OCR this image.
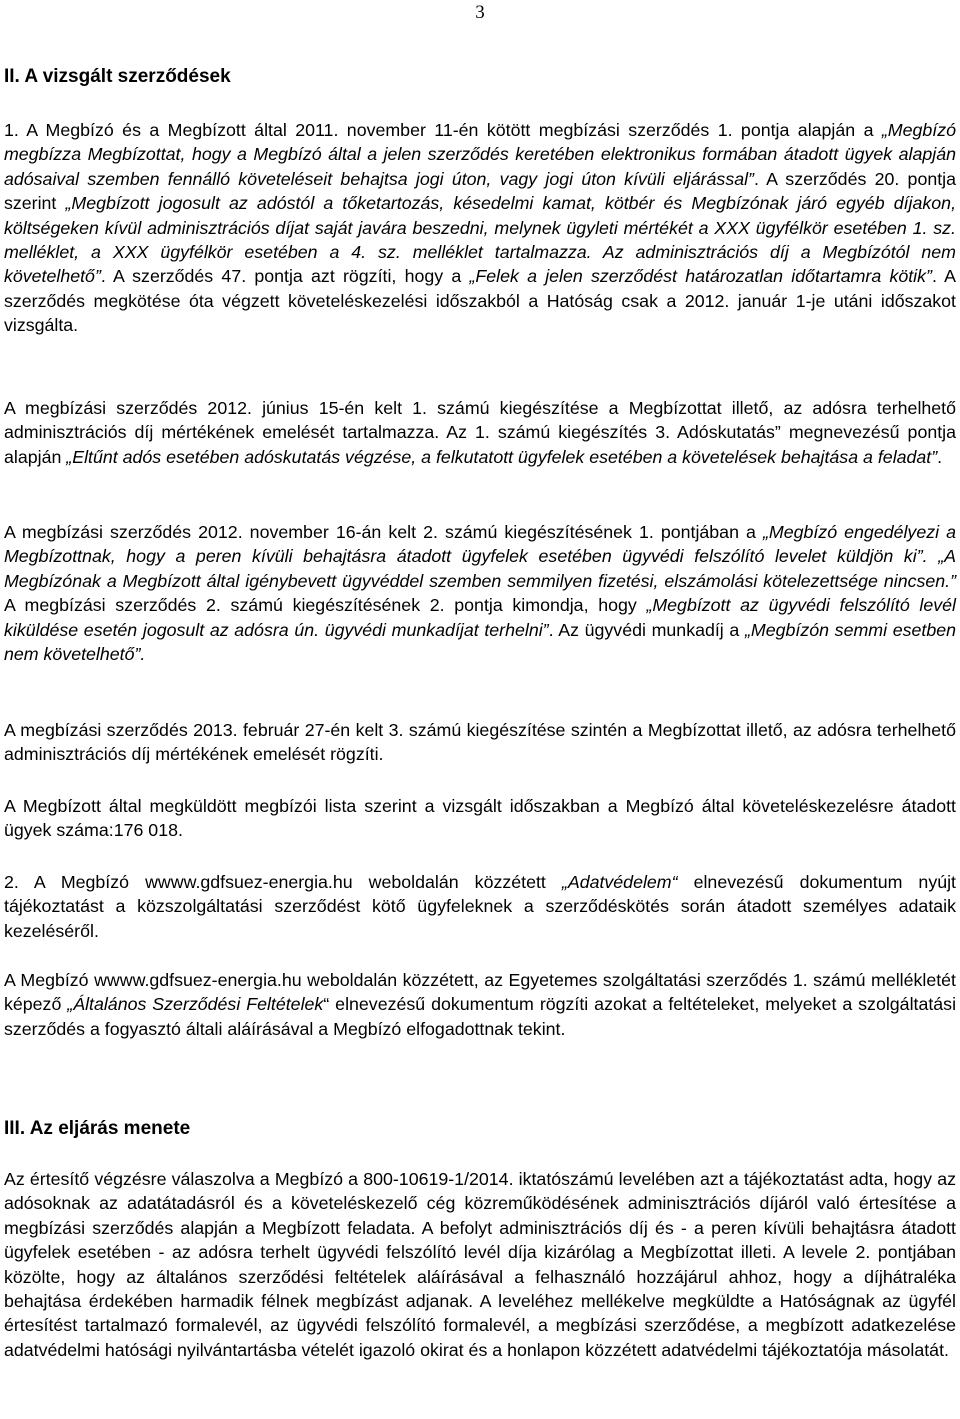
3
II. A vizsgált szerződések

1. A Megbízó és a Megbízott által 2011. november 11-én kötött megbízási szerződés 1. pontja alapján a „Megbízó megbízza Megbízottat, hogy a Megbízó által a jelen szerződés keretében elektronikus formában átadott ügyek alapján adósaival szemben fennálló követeléseit behajtsa jogi úton, vagy jogi úton kívüli eljárással”. A szerződés 20. pontja szerint „Megbízott jogosult az adóstól a tőketartozás, késedelmi kamat, kötbér és Megbízónak járó egyéb díjakon, költségeken kívül adminisztrációs díjat saját javára beszedni, melynek ügyleti mértékét a XXX ügyfélkör esetében 1. sz. melléklet, a XXX ügyfélkör esetében a 4. sz. melléklet tartalmazza. Az adminisztrációs díj a Megbízótól nem követelhető”. A szerződés 47. pontja azt rögzíti, hogy a „Felek a jelen szerződést határozatlan időtartamra kötik”. A szerződés megkötése óta végzett követeléskezelési időszakból a Hatóság csak a 2012. január 1-je utáni időszakot vizsgálta.

A megbízási szerződés 2012. június 15-én kelt 1. számú kiegészítése a Megbízottat illető, az adósra terhelhető adminisztrációs díj mértékének emelését tartalmazza. Az 1. számú kiegészítés 3. Adóskutatás” megnevezésű pontja alapján „Eltűnt adós esetében adóskutatás végzése, a felkutatott ügyfelek esetében a követelések behajtása a feladat”.

A megbízási szerződés 2012. november 16-án kelt 2. számú kiegészítésének 1. pontjában a „Megbízó engedélyezi a Megbízottnak, hogy a peren kívüli behajtásra átadott ügyfelek esetében ügyvédi felszólító levelet küldjön ki”. „A Megbízónak a Megbízott által igénybevett ügyvéddel szemben semmilyen fizetési, elszámolási kötelezettsége nincsen.” A megbízási szerződés 2. számú kiegészítésének 2. pontja kimondja, hogy „Megbízott az ügyvédi felszólító levél kiküldése esetén jogosult az adósra ún. ügyvédi munkadíjat terhelni”. Az ügyvédi munkadíj a „Megbízón semmi esetben nem követelhető”.

A megbízási szerződés 2013. február 27-én kelt 3. számú kiegészítése szintén a Megbízottat illető, az adósra terhelhető adminisztrációs díj mértékének emelését rögzíti.

A Megbízott által megküldött megbízói lista szerint a vizsgált időszakban a Megbízó által követeléskezelésre átadott ügyek száma:176 018.

2. A Megbízó wwww.gdfsuez-energia.hu weboldalán közzétett „Adatvédelem“ elnevezésű dokumentum nyújt tájékoztatást a közszolgáltatási szerződést kötő ügyfeleknek a szerződéskötés során átadott személyes adataik kezeléséről.

A Megbízó wwww.gdfsuez-energia.hu weboldalán közzétett, az Egyetemes szolgáltatási szerződés 1. számú mellékletét képező „Általános Szerződési Feltételek“ elnevezésű dokumentum rögzíti azokat a feltételeket, melyeket a szolgáltatási szerződés a fogyasztó általi aláírásával a Megbízó elfogadottnak tekint.

III. Az eljárás menete

Az értesítő végzésre válaszolva a Megbízó a 800-10619-1/2014. iktatószámú levelében azt a tájékoztatást adta, hogy az adósoknak az adatátadásról és a követeléskezelő cég közreműködésének adminisztrációs díjáról való értesítése a megbízási szerződés alapján a Megbízott feladata. A befolyt adminisztrációs díj és - a peren kívüli behajtásra átadott ügyfelek esetében - az adósra terhelt ügyvédi felszólító levél díja kizárólag a Megbízottat illeti. A levele 2. pontjában közölte, hogy az általános szerződési feltételek aláírásával a felhasználó hozzájárul ahhoz, hogy a díjhátraléka behajtása érdekében harmadik félnek megbízást adjanak. A leveléhez mellékelve megküldte a Hatóságnak az ügyfél értesítést tartalmazó formalevél, az ügyvédi felszólító formalevél, a megbízási szerződése, a megbízott adatkezelése adatvédelmi hatósági nyilvántartásba vételét igazoló okirat és a honlapon közzétett adatvédelmi tájékoztatója másolatát.
